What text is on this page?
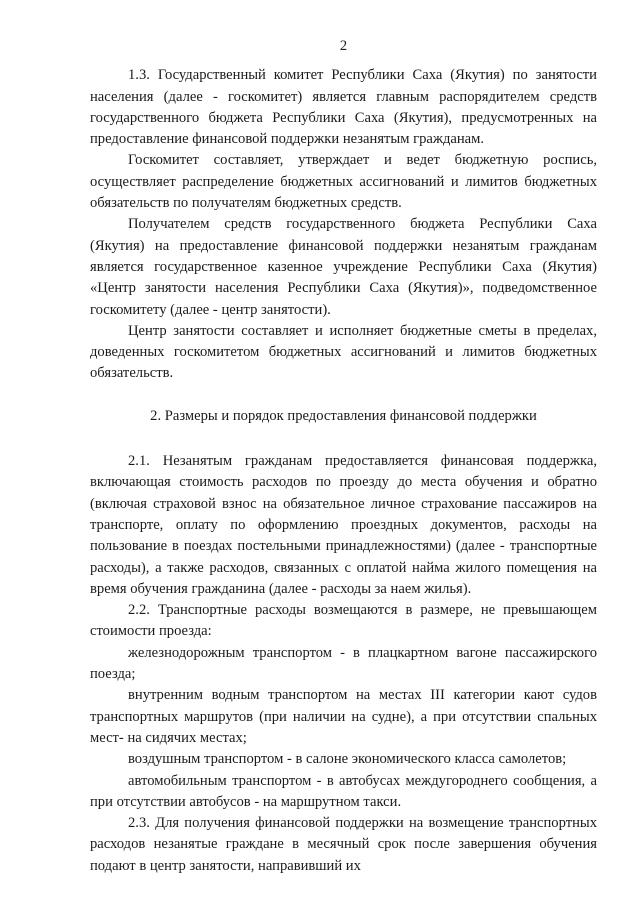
2

1.3. Государственный комитет Республики Саха (Якутия) по занятости населения (далее - госкомитет) является главным распорядителем средств государственного бюджета Республики Саха (Якутия), предусмотренных на предоставление финансовой поддержки незанятым гражданам.

Госкомитет составляет, утверждает и ведет бюджетную роспись, осуществляет распределение бюджетных ассигнований и лимитов бюджетных обязательств по получателям бюджетных средств.

Получателем средств государственного бюджета Республики Саха (Якутия) на предоставление финансовой поддержки незанятым гражданам является государственное казенное учреждение Республики Саха (Якутия) «Центр занятости населения Республики Саха (Якутия)», подведомственное госкомитету (далее - центр занятости).

Центр занятости составляет и исполняет бюджетные сметы в пределах, доведенных госкомитетом бюджетных ассигнований и лимитов бюджетных обязательств.

2. Размеры и порядок предоставления финансовой поддержки

2.1. Незанятым гражданам предоставляется финансовая поддержка, включающая стоимость расходов по проезду до места обучения и обратно (включая страховой взнос на обязательное личное страхование пассажиров на транспорте, оплату по оформлению проездных документов, расходы на пользование в поездах постельными принадлежностями) (далее - транспортные расходы), а также расходов, связанных с оплатой найма жилого помещения на время обучения гражданина (далее - расходы за наем жилья).

2.2. Транспортные расходы возмещаются в размере, не превышающем стоимости проезда:

железнодорожным транспортом - в плацкартном вагоне пассажирского поезда;

внутренним водным транспортом на местах III категории кают судов транспортных маршрутов (при наличии на судне), а при отсутствии спальных мест- на сидячих местах;

воздушным транспортом - в салоне экономического класса самолетов;

автомобильным транспортом - в автобусах междугороднего сообщения, а при отсутствии автобусов - на маршрутном такси.

2.3. Для получения финансовой поддержки на возмещение транспортных расходов незанятые граждане в месячный срок после завершения обучения подают в центр занятости, направивший их
